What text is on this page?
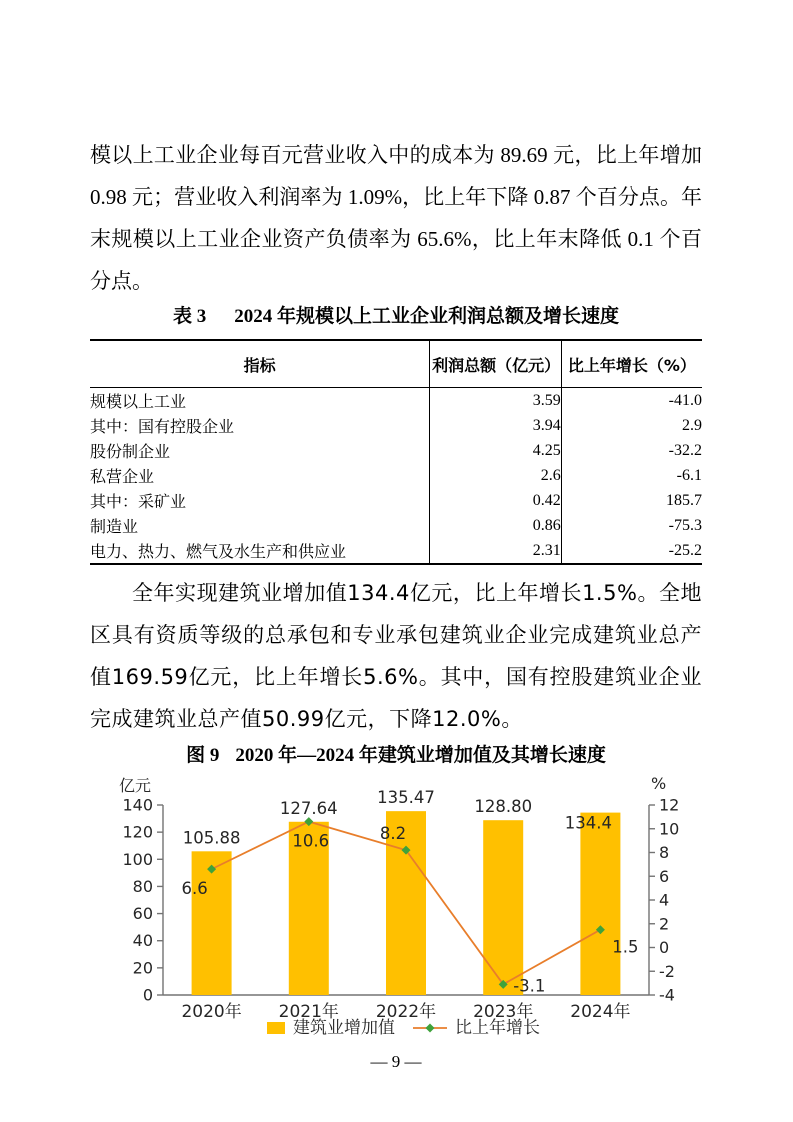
模以上工业企业每百元营业收入中的成本为 89.69 元，比上年增加 0.98 元；营业收入利润率为 1.09%，比上年下降 0.87 个百分点。年末规模以上工业企业资产负债率为 65.6%，比上年末降低 0.1 个百分点。

表 3 2024 年规模以上工业企业利润总额及增长速度
指标	利润总额（亿元）	比上年增长（%）
规模以上工业	3.59	-41.0
其中：国有控股企业	3.94	2.9
股份制企业	4.25	-32.2
私营企业	2.6	-6.1
其中：采矿业	0.42	185.7
制造业	0.86	-75.3
电力、热力、燃气及水生产和供应业	2.31	-25.2

全年实现建筑业增加值134.4亿元，比上年增长1.5%。全地区具有资质等级的总承包和专业承包建筑业企业完成建筑业总产值169.59亿元，比上年增长5.6%。其中，国有控股建筑业企业完成建筑业总产值50.99亿元，下降12.0%。

图 9 2020 年—2024 年建筑业增加值及其增长速度
0
20
40
60
80
100
120
140
-4
-2
0
2
4
6
8
10
12
亿元	%
2020年 2021年 2022年 2023年 2024年
105.88
127.64
135.47 128.80
134.4
6.6
10.6	8.2
-3.1
1.5
建筑业增加值	比上年增长
— 9 —
